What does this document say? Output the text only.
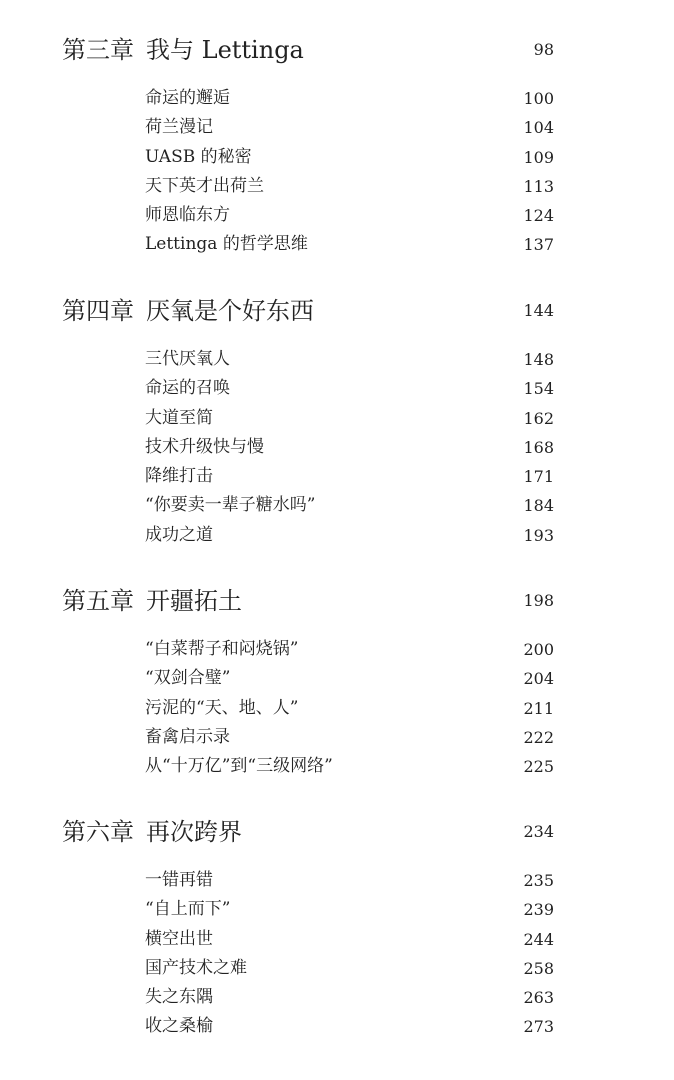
第三章 我与 Lettinga	98
命运的邂逅	100
荷兰漫记	104
UASB 的秘密	109
天下英才出荷兰	113
师恩临东方	124
Lettinga 的哲学思维	137
第四章 厌氧是个好东西	144
三代厌氧人	148
命运的召唤	154
大道至简	162
技术升级快与慢	168
降维打击	171
“你要卖一辈子糖水吗”	184
成功之道	193
第五章 开疆拓土	198
“白菜帮子和闷烧锅”	200
“双剑合璧”	204
污泥的“天、地、人”	211
畜禽启示录	222
从“十万亿”到“三级网络”	225
第六章 再次跨界	234
一错再错	235
“自上而下”	239
横空出世	244
国产技术之难	258
失之东隅	263
收之桑榆	273
